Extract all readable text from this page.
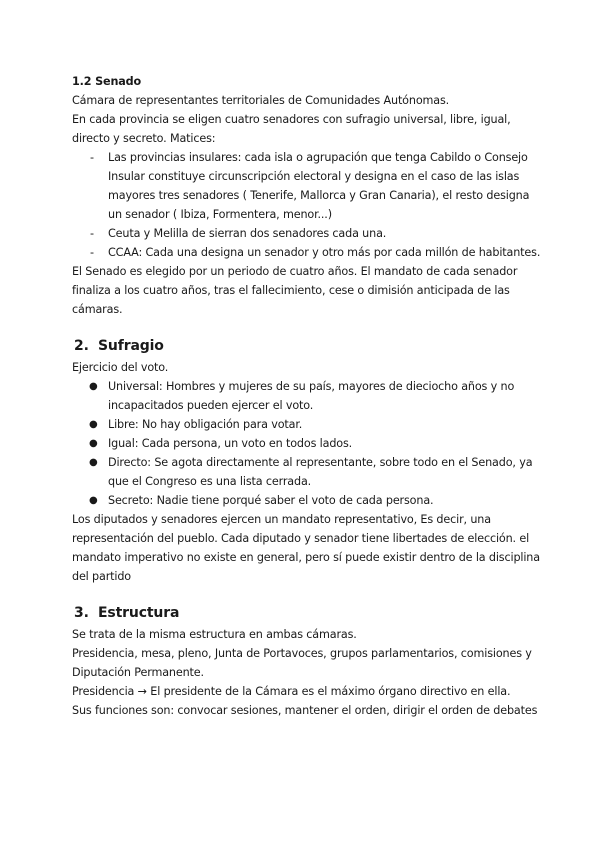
1.2 Senado

Cámara de representantes territoriales de Comunidades Autónomas.

En cada provincia se eligen cuatro senadores con sufragio universal, libre, igual, directo y secreto. Matices:

- Las provincias insulares: cada isla o agrupación que tenga Cabildo o Consejo Insular constituye circunscripción electoral y designa en el caso de las islas mayores tres senadores ( Tenerife, Mallorca y Gran Canaria), el resto designa un senador ( Ibiza, Formentera, menor...)
- Ceuta y Melilla de sierran dos senadores cada una.
- CCAA: Cada una designa un senador y otro más por cada millón de habitantes.

El Senado es elegido por un periodo de cuatro años. El mandato de cada senador finaliza a los cuatro años, tras el fallecimiento, cese o dimisión anticipada de las cámaras.

2. Sufragio

Ejercicio del voto.

● Universal: Hombres y mujeres de su país, mayores de dieciocho años y no incapacitados pueden ejercer el voto.
● Libre: No hay obligación para votar.
● Igual: Cada persona, un voto en todos lados.
● Directo: Se agota directamente al representante, sobre todo en el Senado, ya que el Congreso es una lista cerrada.
● Secreto: Nadie tiene porqué saber el voto de cada persona.

Los diputados y senadores ejercen un mandato representativo, Es decir, una representación del pueblo. Cada diputado y senador tiene libertades de elección. el mandato imperativo no existe en general, pero sí puede existir dentro de la disciplina del partido

3. Estructura

Se trata de la misma estructura en ambas cámaras.

Presidencia, mesa, pleno, Junta de Portavoces, grupos parlamentarios, comisiones y Diputación Permanente.

Presidencia → El presidente de la Cámara es el máximo órgano directivo en ella.

Sus funciones son: convocar sesiones, mantener el orden, dirigir el orden de debates
